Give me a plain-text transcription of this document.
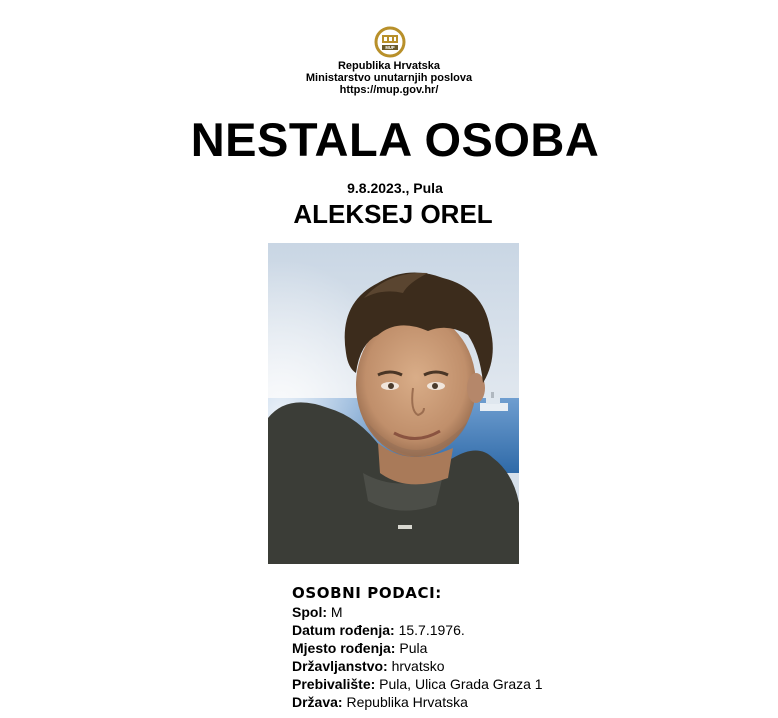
MUP
Republika Hrvatska
Ministarstvo unutarnjih poslova
https://mup.gov.hr/
NESTALA OSOBA
9.8.2023., Pula
ALEKSEJ OREL
OSOBNI PODACI:
Spol: M
Datum rođenja: 15.7.1976.
Mjesto rođenja: Pula
Državljanstvo: hrvatsko
Prebivalište: Pula, Ulica Grada Graza 1
Država: Republika Hrvatska
